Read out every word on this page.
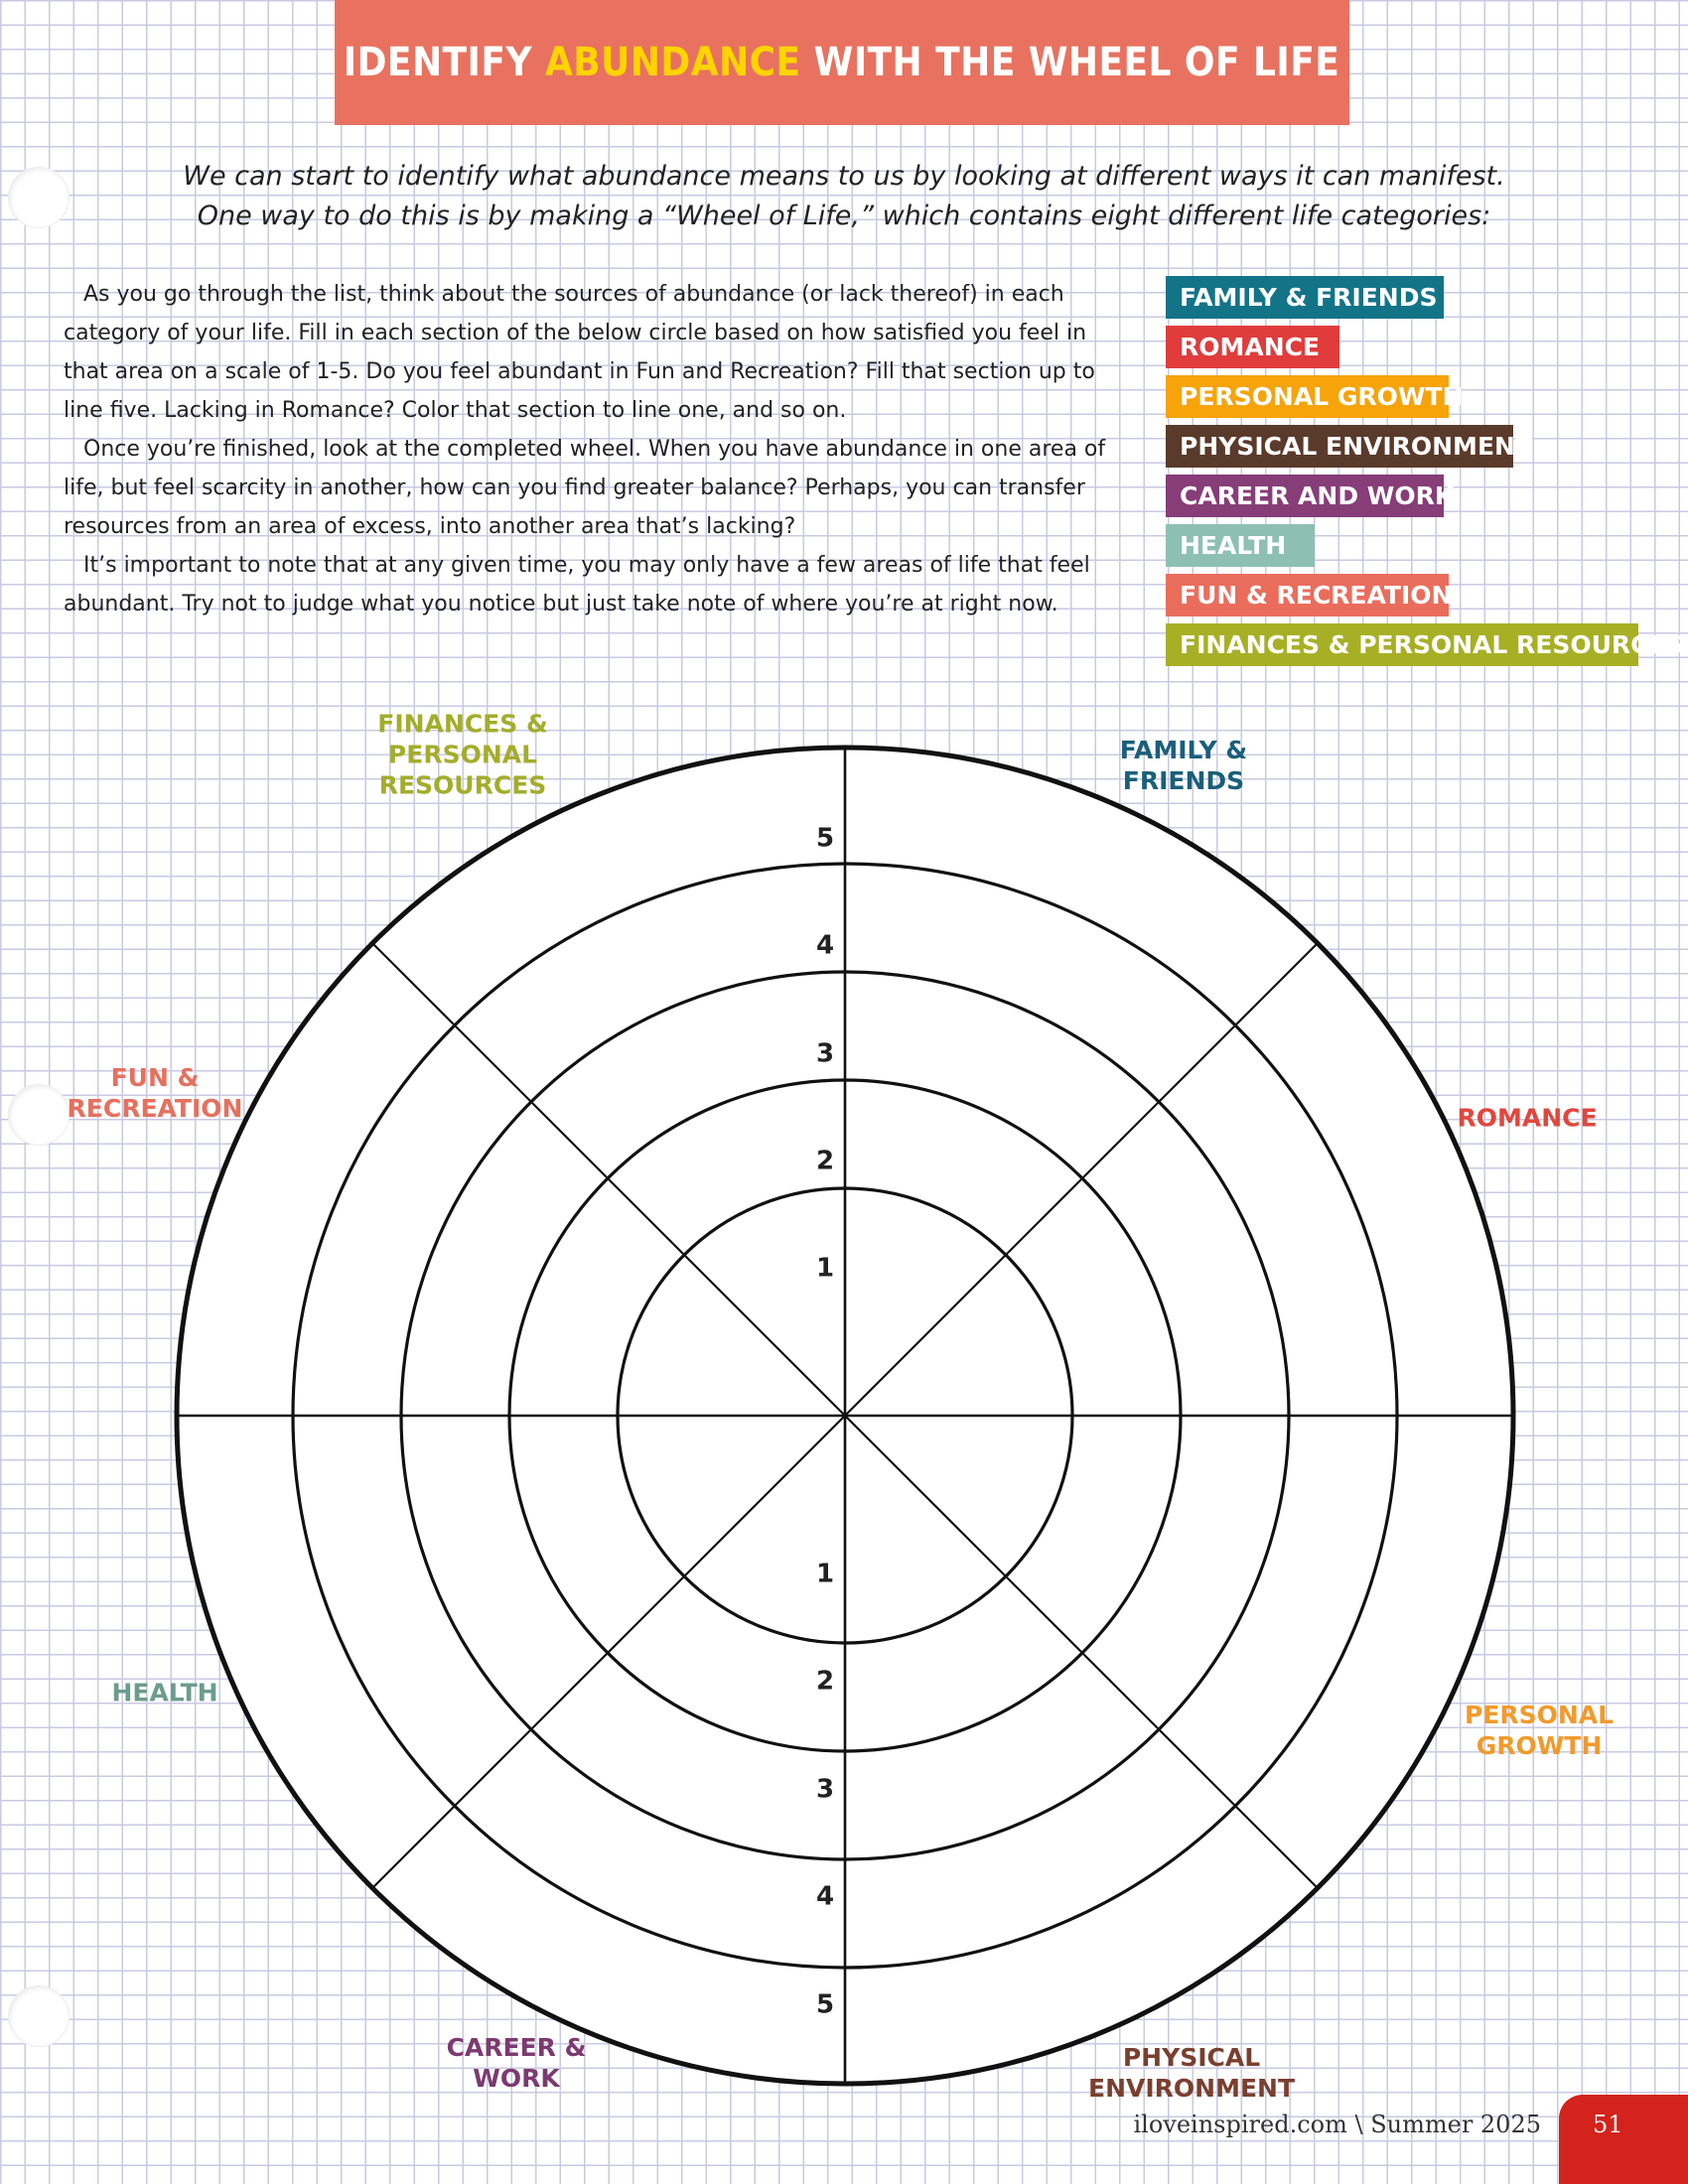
IDENTIFY ABUNDANCE WITH THE WHEEL OF LIFE

We can start to identify what abundance means to us by looking at different ways it can manifest.

One way to do this is by making a “Wheel of Life,” which contains eight different life categories:

As you go through the list, think about the sources of abundance (or lack thereof) in each category of your life. Fill in each section of the below circle based on how satisfied you feel in that area on a scale of 1-5. Do you feel abundant in Fun and Recreation? Fill that section up to line five. Lacking in Romance? Color that section to line one, and so on.

Once you’re finished, look at the completed wheel. When you have abundance in one area of life, but feel scarcity in another, how can you find greater balance? Perhaps, you can transfer resources from an area of excess, into another area that’s lacking?

It’s important to note that at any given time, you may only have a few areas of life that feel abundant. Try not to judge what you notice but just take note of where you’re at right now.

FAMILY & FRIENDS
ROMANCE
PERSONAL GROWTH
PHYSICAL ENVIRONMENT
CAREER AND WORK
HEALTH
FUN & RECREATION
FINANCES & PERSONAL RESOURCES
1
2
3
4
5
1
2
3
4
5
FAMILY &
FRIENDS
ROMANCE
PERSONAL
GROWTH
PHYSICAL
ENVIRONMENT
CAREER &
WORK
HEALTH
FUN &
RECREATION
FINANCES &
PERSONAL
RESOURCES
iloveinspired.com \ Summer 2025 51
